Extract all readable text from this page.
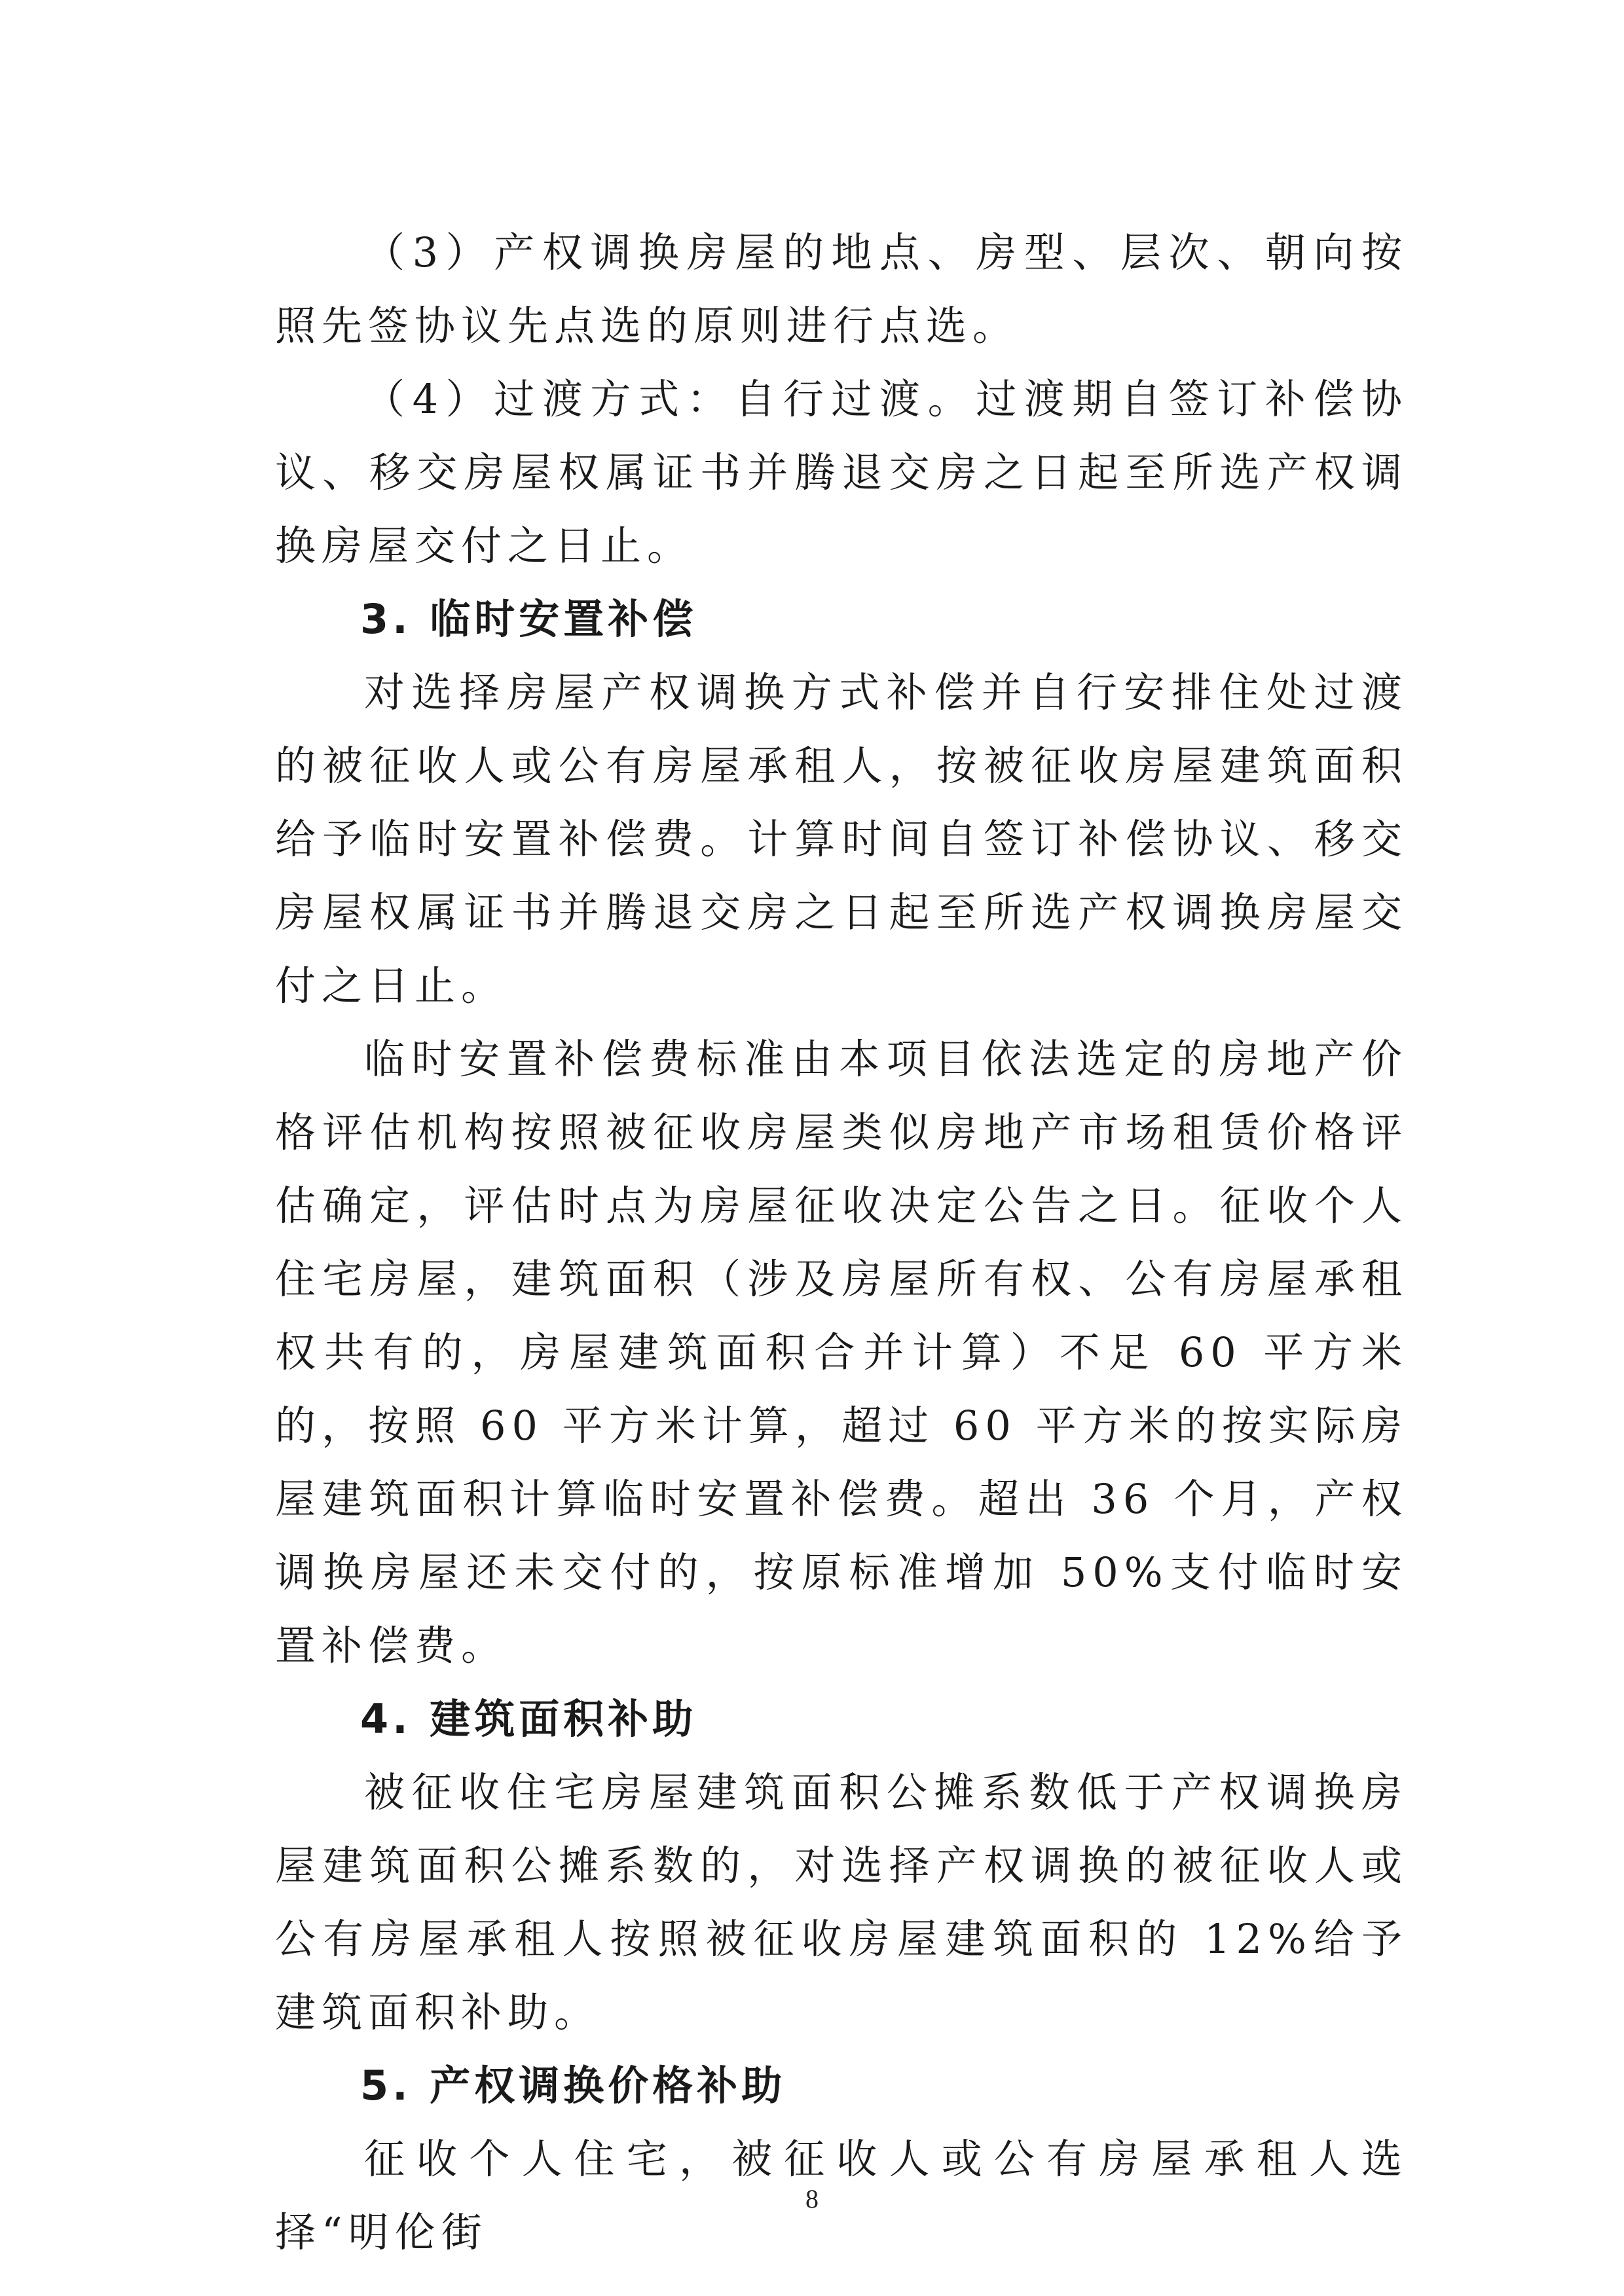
（3）产权调换房屋的地点、房型、层次、朝向按照先签协议先点选的原则进行点选。

（4）过渡方式：自行过渡。过渡期自签订补偿协议、移交房屋权属证书并腾退交房之日起至所选产权调换房屋交付之日止。

3. 临时安置补偿

对选择房屋产权调换方式补偿并自行安排住处过渡的被征收人或公有房屋承租人，按被征收房屋建筑面积给予临时安置补偿费。计算时间自签订补偿协议、移交房屋权属证书并腾退交房之日起至所选产权调换房屋交付之日止。

临时安置补偿费标准由本项目依法选定的房地产价格评估机构按照被征收房屋类似房地产市场租赁价格评估确定，评估时点为房屋征收决定公告之日。征收个人住宅房屋，建筑面积（涉及房屋所有权、公有房屋承租权共有的，房屋建筑面积合并计算）不足 60 平方米的，按照 60 平方米计算，超过 60 平方米的按实际房屋建筑面积计算临时安置补偿费。超出 36 个月，产权调换房屋还未交付的，按原标准增加 50%支付临时安置补偿费。

4. 建筑面积补助

被征收住宅房屋建筑面积公摊系数低于产权调换房屋建筑面积公摊系数的，对选择产权调换的被征收人或公有房屋承租人按照被征收房屋建筑面积的 12%给予建筑面积补助。

5. 产权调换价格补助

征收个人住宅，被征收人或公有房屋承租人选择“明伦街

8
